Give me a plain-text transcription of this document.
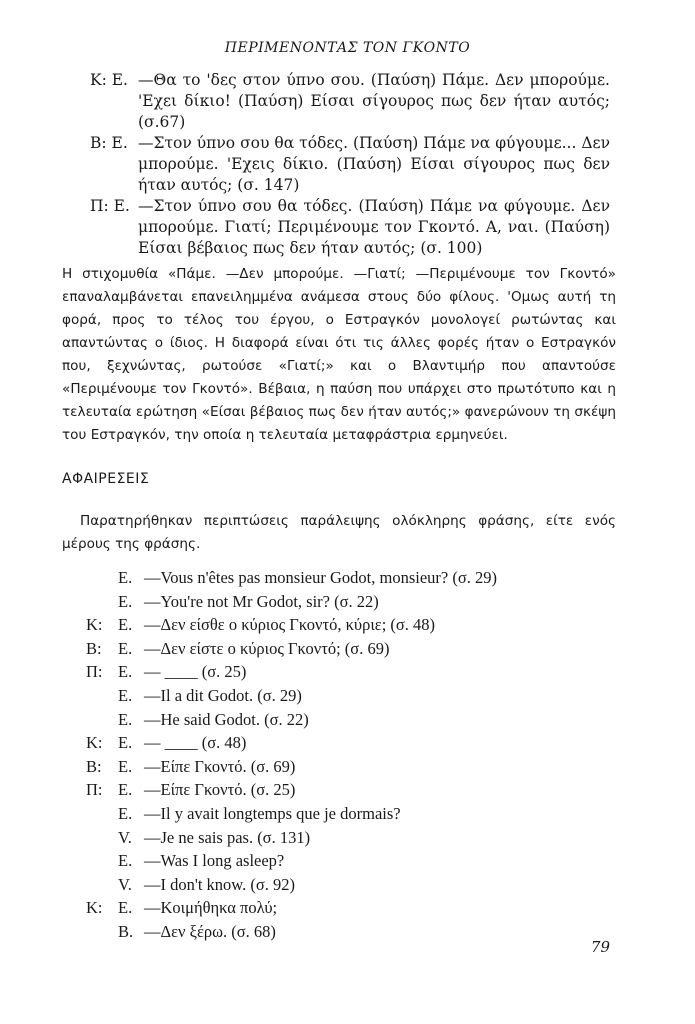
ΠΕΡΙΜΕΝΟΝΤΑΣ ΤΟΝ ΓΚΟΝΤΟ
Κ: Ε. —Θα το 'δες στον ύπνο σου. (Παύση) Πάμε. Δεν μπορούμε. 'Εχει δίκιο! (Παύση) Είσαι σίγουρος πως δεν ήταν αυτός; (σ.67)
Β: Ε. —Στον ύπνο σου θα τόδες. (Παύση) Πάμε να φύγουμε... Δεν μπορούμε. 'Εχεις δίκιο. (Παύση) Είσαι σίγουρος πως δεν ήταν αυτός; (σ. 147)
Π: Ε. —Στον ύπνο σου θα τόδες. (Παύση) Πάμε να φύγουμε. Δεν μπορούμε. Γιατί; Περιμένουμε τον Γκοντό. Α, ναι. (Παύση) Είσαι βέβαιος πως δεν ήταν αυτός; (σ. 100)
Η στιχομυθία «Πάμε. —Δεν μπορούμε. —Γιατί; —Περιμένουμε τον Γκοντό» επαναλαμβάνεται επανειλημμένα ανάμεσα στους δύο φίλους. 'Ομως αυτή τη φορά, προς το τέλος του έργου, ο Εστραγκόν μονολογεί ρωτώντας και απαντώντας ο ίδιος. Η διαφορά είναι ότι τις άλλες φορές ήταν ο Εστραγκόν που, ξεχνώντας, ρωτούσε «Γιατί;» και ο Βλαντιμήρ που απαντούσε «Περιμένουμε τον Γκοντό». Βέβαια, η παύση που υπάρχει στο πρωτότυπο και η τελευταία ερώτηση «Είσαι βέβαιος πως δεν ήταν αυτός;» φανερώνουν τη σκέψη του Εστραγκόν, την οποία η τελευταία μεταφράστρια ερμηνεύει.
ΑΦΑΙΡΕΣΕΙΣ
Παρατηρήθηκαν περιπτώσεις παράλειψης ολόκληρης φράσης, είτε ενός μέρους της φράσης.
E. —Vous n'êtes pas monsieur Godot, monsieur? (σ. 29)
E. —You're not Mr Godot, sir? (σ. 22)
Κ: E. —Δεν είσθε ο κύριος Γκοντό, κύριε; (σ. 48)
Β: E. —Δεν είστε ο κύριος Γκοντό; (σ. 69)
Π: E. — ____ (σ. 25)
E. —Il a dit Godot. (σ. 29)
E. —He said Godot. (σ. 22)
Κ: E. — ____ (σ. 48)
Β: E. —Είπε Γκοντό. (σ. 69)
Π: E. —Είπε Γκοντό. (σ. 25)
E. —Il y avait longtemps que je dormais?
V. —Je ne sais pas. (σ. 131)
E. —Was I long asleep?
V. —I don't know. (σ. 92)
Κ: E. —Κοιμήθηκα πολύ;
B. —Δεν ξέρω. (σ. 68)
79
